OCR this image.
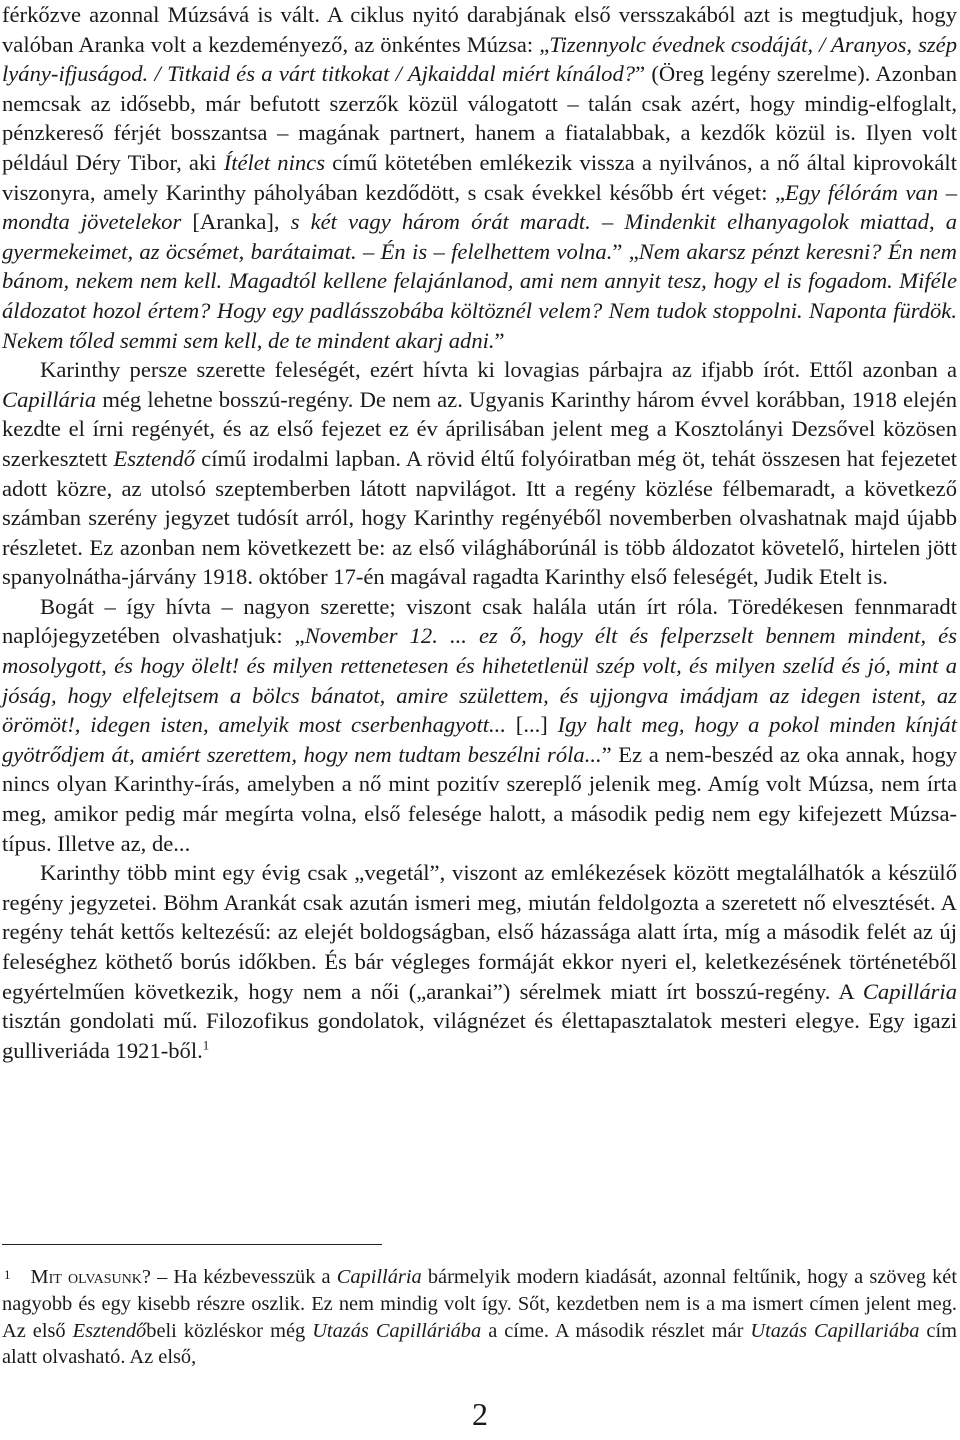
férkőzve azonnal Múzsává is vált. A ciklus nyitó darabjának első versszakából azt is megtudjuk, hogy valóban Aranka volt a kezdeményező, az önkéntes Múzsa: „Tizennyolc évednek csodáját, / Aranyos, szép lyány-ifjuságod. / Titkaid és a várt titkokat / Ajkaiddal miért kínálod?” (Öreg legény szerelme). Azonban nemcsak az idősebb, már befutott szerzők közül válogatott – talán csak azért, hogy mindig-elfoglalt, pénzkereső férjét bosszantsa – magának partnert, hanem a fiatalabbak, a kezdők közül is. Ilyen volt például Déry Tibor, aki Ítélet nincs című kötetében emlékezik vissza a nyilvános, a nő által kiprovokált viszonyra, amely Karinthy páholyában kezdődött, s csak évekkel később ért véget: „Egy félórám van – mondta jövetelekor [Aranka], s két vagy három órát maradt. – Mindenkit elhanyagolok miattad, a gyermekeimet, az öcsémet, barátaimat. – Én is – felelhettem volna.” „Nem akarsz pénzt keresni? Én nem bánom, nekem nem kell. Magadtól kellene felajánlanod, ami nem annyit tesz, hogy el is fogadom. Miféle áldozatot hozol értem? Hogy egy padlásszobába költöznél velem? Nem tudok stoppolni. Naponta fürdök. Nekem tőled semmi sem kell, de te mindent akarj adni.”

Karinthy persze szerette feleségét, ezért hívta ki lovagias párbajra az ifjabb írót. Ettől azonban a Capillária még lehetne bosszú-regény. De nem az. Ugyanis Karinthy három évvel korábban, 1918 elején kezdte el írni regényét, és az első fejezet ez év áprilisában jelent meg a Kosztolányi Dezsővel közösen szerkesztett Esztendő című irodalmi lapban. A rövid éltű folyóiratban még öt, tehát összesen hat fejezetet adott közre, az utolsó szeptemberben látott napvilágot. Itt a regény közlése félbemaradt, a következő számban szerény jegyzet tudósít arról, hogy Karinthy regényéből novemberben olvashatnak majd újabb részletet. Ez azonban nem következett be: az első világháborúnál is több áldozatot követelő, hirtelen jött spanyolnátha-járvány 1918. október 17-én magával ragadta Karinthy első feleségét, Judik Etelt is.

Bogát – így hívta – nagyon szerette; viszont csak halála után írt róla. Töredékesen fennmaradt naplójegyzetében olvashatjuk: „November 12. ... ez ő, hogy élt és felperzselt bennem mindent, és mosolygott, és hogy ölelt! és milyen rettenetesen és hihetetlenül szép volt, és milyen szelíd és jó, mint a jóság, hogy elfelejtsem a bölcs bánatot, amire születtem, és ujjongva imádjam az idegen istent, az örömöt!, idegen isten, amelyik most cserbenhagyott... [...] Igy halt meg, hogy a pokol minden kínját gyötrődjem át, amiért szerettem, hogy nem tudtam beszélni róla...” Ez a nem-beszéd az oka annak, hogy nincs olyan Karinthy-írás, amelyben a nő mint pozitív szereplő jelenik meg. Amíg volt Múzsa, nem írta meg, amikor pedig már megírta volna, első felesége halott, a második pedig nem egy kifejezett Múzsa-típus. Illetve az, de...

Karinthy több mint egy évig csak „vegetál”, viszont az emlékezések között megtalálhatók a készülő regény jegyzetei. Böhm Arankát csak azután ismeri meg, miután feldolgozta a szeretett nő elvesztését. A regény tehát kettős keltezésű: az elejét boldogságban, első házassága alatt írta, míg a második felét az új feleséghez köthető borús időkben. És bár végleges formáját ekkor nyeri el, keletkezésének történetéből egyértelműen következik, hogy nem a női („arankai”) sérelmek miatt írt bosszú-regény. A Capillária tisztán gondolati mű. Filozofikus gondolatok, világnézet és élettapasztalatok mesteri elegye. Egy igazi gulliveriáda 1921-ből.$^1$

$^1$ Mit olvasunk? – Ha kézbevesszük a Capillária bármelyik modern kiadását, azonnal feltűnik, hogy a szöveg két nagyobb és egy kisebb részre oszlik. Ez nem mindig volt így. Sőt, kezdetben nem is a ma ismert címen jelent meg. Az első Esztendőbeli közléskor még Utazás Capilláriába a címe. A második részlet már Utazás Capillariába cím alatt olvasható. Az első,

2
